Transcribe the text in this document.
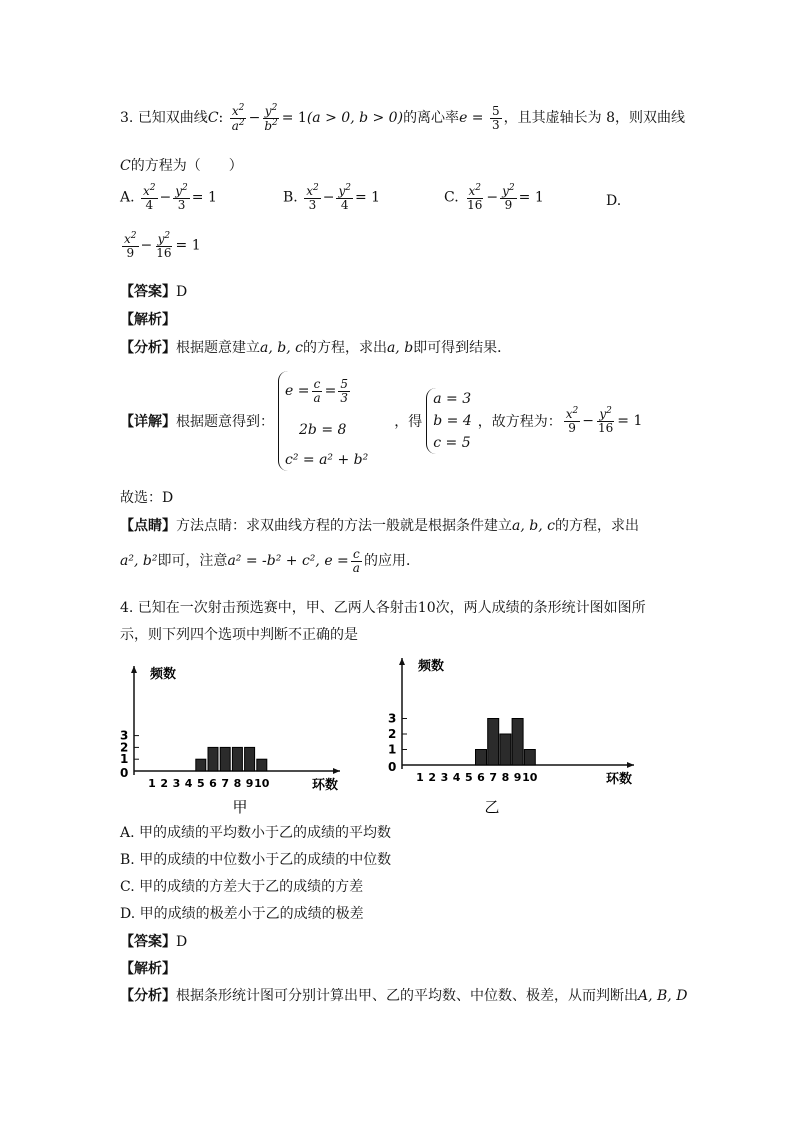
3. 已知双曲线C: $\frac{x^2}{a^2} - \frac{y^2}{b^2} = 1(a > 0$, b > 0)的离心率$e = \frac{5}{3}$ ，且其虚轴长为 8，则双曲线
C的方程为（　　）
A. $\frac{x^2}{4} - \frac{y^2}{3} = 1$	B. $\frac{x^2}{3} - \frac{y^2}{4} = 1$	C. $\frac{x^2}{16} - \frac{y^2}{9} = 1$	D.
$\frac{x^2}{9} - \frac{y^2}{16} = 1$
【答案】D
【解析】
【分析】根据题意建立a, b, c的方程，求出a, b即可得到结果．
【详解】 根据题意得到：
$e = \frac{c}{a} = \frac{5}{3}$
2b = 8
c² = a² + b²
，得
a = 3
b = 4
c = 5
，故方程为： $\frac{x^2}{9} - \frac{y^2}{16} = 1$
故选：D
【点睛】方法点睛：求双曲线方程的方法一般就是根据条件建立a, b, c的方程，求出
a², b²即可，注意a² = -b² + c², $e = \frac{c}{a}$ 的应用．
4. 已知在一次射击预选赛中，甲、乙两人各射击10次，两人成绩的条形统计图如图所
示，则下列四个选项中判断不正确的是
0
1
2
3
1 2 3 4 5 6 7 8 9 10
频数
环数
甲
0
1
2
3
1 2 3 4 5 6 7 8 9 10
频数
环数
乙
A. 甲的成绩的平均数小于乙的成绩的平均数
B. 甲的成绩的中位数小于乙的成绩的中位数
C. 甲的成绩的方差大于乙的成绩的方差
D. 甲的成绩的极差小于乙的成绩的极差
【答案】D
【解析】
【分析】根据条形统计图可分别计算出甲、乙的平均数、中位数、极差，从而判断出A, B, D
